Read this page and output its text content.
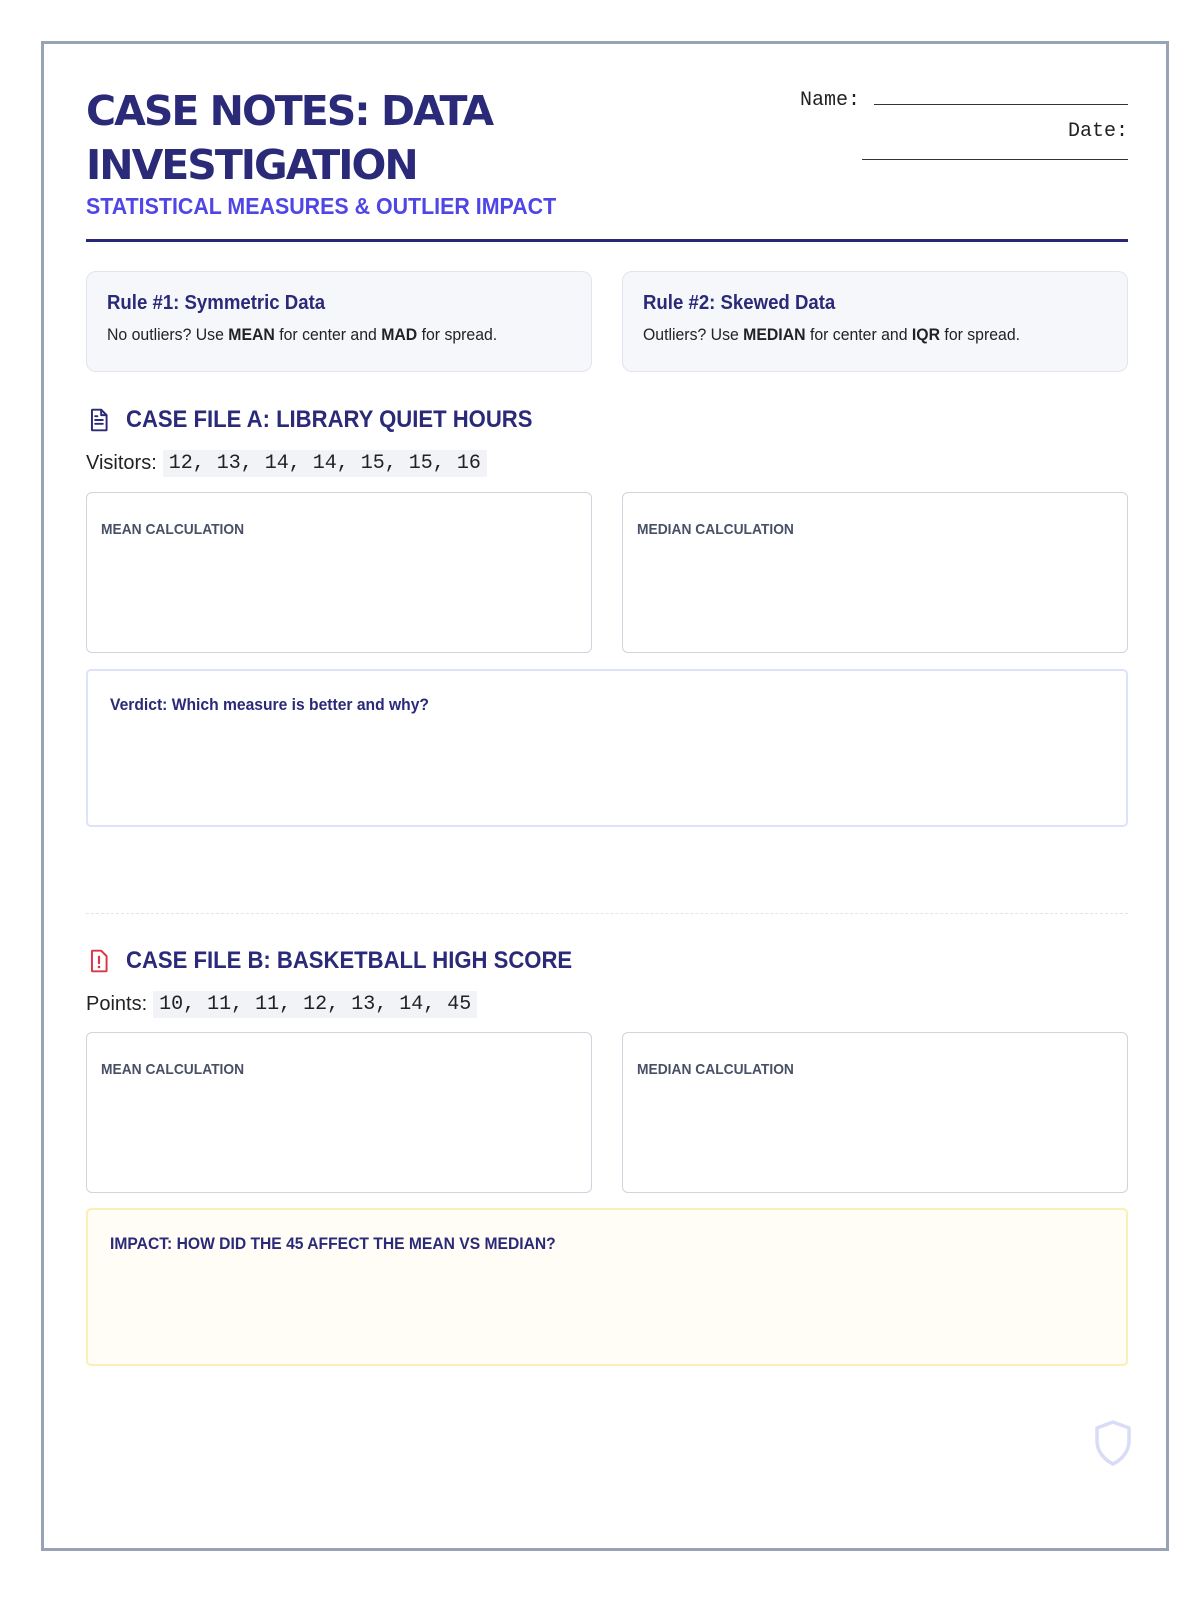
CASE NOTES: DATA INVESTIGATION
STATISTICAL MEASURES & OUTLIER IMPACT
Name:
Date:
Rule #1: Symmetric Data

No outliers? Use MEAN for center and MAD for spread.

Rule #2: Skewed Data

Outliers? Use MEDIAN for center and IQR for spread.

CASE FILE A: LIBRARY QUIET HOURS
Visitors: 12, 13, 14, 14, 15, 15, 16
MEAN CALCULATION	MEDIAN CALCULATION
Verdict: Which measure is better and why?
CASE FILE B: BASKETBALL HIGH SCORE
Points: 10, 11, 11, 12, 13, 14, 45
MEAN CALCULATION	MEDIAN CALCULATION
IMPACT: HOW DID THE 45 AFFECT THE MEAN VS MEDIAN?
